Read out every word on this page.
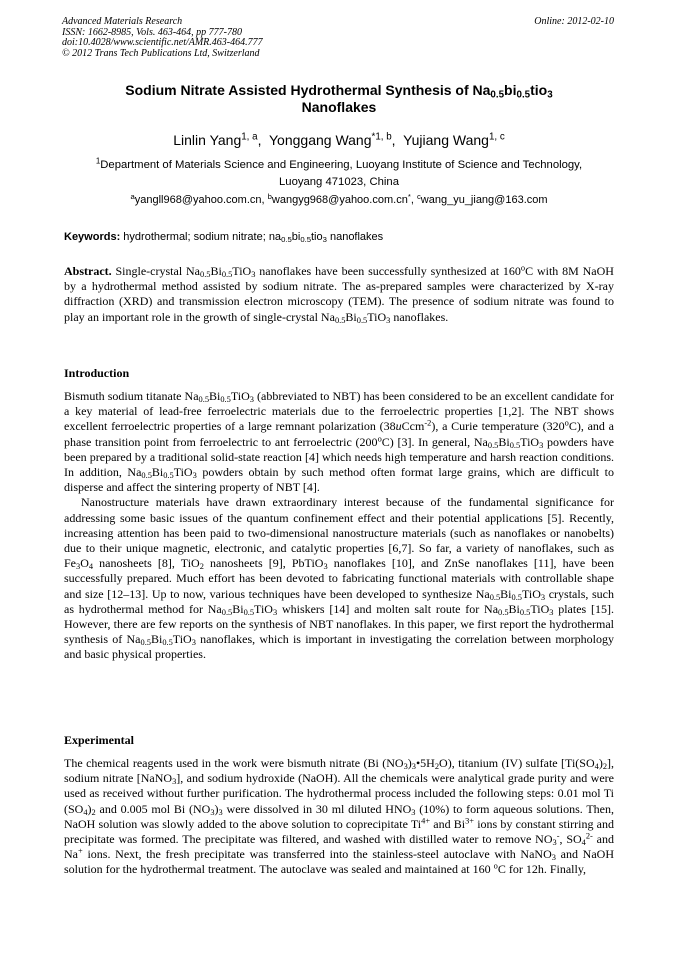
Advanced Materials Research
ISSN: 1662-8985, Vols. 463-464, pp 777-780
doi:10.4028/www.scientific.net/AMR.463-464.777
© 2012 Trans Tech Publications Ltd, Switzerland
Online: 2012-02-10
Sodium Nitrate Assisted Hydrothermal Synthesis of $Na_{0.5}bi_{0.5}tio_3$
Nanoflakes
Linlin Yang$^{1, a}$,  Yonggang Wang$^{*1, b}$,  Yujiang Wang$^{1, c}$
$^1$Department of Materials Science and Engineering, Luoyang Institute of Science and Technology,
Luoyang 471023, China
$^a$yangll968@yahoo.com.cn, $^b$wangyg968@yahoo.com.cn*, $^c$wang_yu_jiang@163.com
Keywords: hydrothermal; sodium nitrate; $na_{0.5}bi_{0.5}tio_3$ nanoflakes

Abstract. Single-crystal $Na_{0.5}Bi_{0.5}TiO_3$ nanoflakes have been successfully synthesized at 160$^o$C with 8M NaOH by a hydrothermal method assisted by sodium nitrate. The as-prepared samples were characterized by X-ray diffraction (XRD) and transmission electron microscopy (TEM). The presence of sodium nitrate was found to play an important role in the growth of single-crystal $Na_{0.5}Bi_{0.5}TiO_3$ nanoflakes.

Introduction

Bismuth sodium titanate $Na_{0.5}Bi_{0.5}TiO_3$ (abbreviated to NBT) has been considered to be an excellent candidate for a key material of lead-free ferroelectric materials due to the ferroelectric properties [1,2]. The NBT shows excellent ferroelectric properties of a large remnant polarization (38uCcm$^{-2}$), a Curie temperature (320$^o$C), and a phase transition point from ferroelectric to ant ferroelectric (200$^o$C) [3]. In general, $Na_{0.5}Bi_{0.5}TiO_3$ powders have been prepared by a traditional solid-state reaction [4] which needs high temperature and harsh reaction conditions. In addition, $Na_{0.5}Bi_{0.5}TiO_3$ powders obtain by such method often format large grains, which are difficult to disperse and affect the sintering property of NBT [4].

Nanostructure materials have drawn extraordinary interest because of the fundamental significance for addressing some basic issues of the quantum confinement effect and their potential applications [5]. Recently, increasing attention has been paid to two-dimensional nanostructure materials (such as nanoflakes or nanobelts) due to their unique magnetic, electronic, and catalytic properties [6,7]. So far, a variety of nanoflakes, such as $Fe_3O_4$ nanosheets [8], TiO$_2$ nanosheets [9], PbTiO$_3$ nanoflakes [10], and ZnSe nanoflakes [11], have been successfully prepared. Much effort has been devoted to fabricating functional materials with controllable shape and size [12–13]. Up to now, various techniques have been developed to synthesize $Na_{0.5}Bi_{0.5}TiO_3$ crystals, such as hydrothermal method for $Na_{0.5}Bi_{0.5}TiO_3$ whiskers [14] and molten salt route for $Na_{0.5}Bi_{0.5}TiO_3$ plates [15]. However, there are few reports on the synthesis of NBT nanoflakes. In this paper, we first report the hydrothermal synthesis of $Na_{0.5}Bi_{0.5}TiO_3$ nanoflakes, which is important in investigating the correlation between morphology and basic physical properties.

Experimental

The chemical reagents used in the work were bismuth nitrate (Bi $(NO_3)_3•5H_2O$), titanium (IV) sulfate $[Ti(SO_4)_2]$, sodium nitrate [NaNO$_3$], and sodium hydroxide (NaOH). All the chemicals were analytical grade purity and were used as received without further purification. The hydrothermal process included the following steps: 0.01 mol Ti $(SO_4)_2$ and 0.005 mol Bi $(NO_3)_3$ were dissolved in 30 ml diluted $HNO_3$ (10%) to form aqueous solutions. Then, NaOH solution was slowly added to the above solution to coprecipitate $Ti^{4+}$ and $Bi^{3+}$ ions by constant stirring and precipitate was formed. The precipitate was filtered, and washed with distilled water to remove $NO_3^-$, $SO_4^{2-}$ and Na+ ions. Next, the fresh precipitate was transferred into the stainless-steel autoclave with NaNO$_3$ and NaOH solution for the hydrothermal treatment. The autoclave was sealed and maintained at 160 $^o$C for 12h. Finally,
